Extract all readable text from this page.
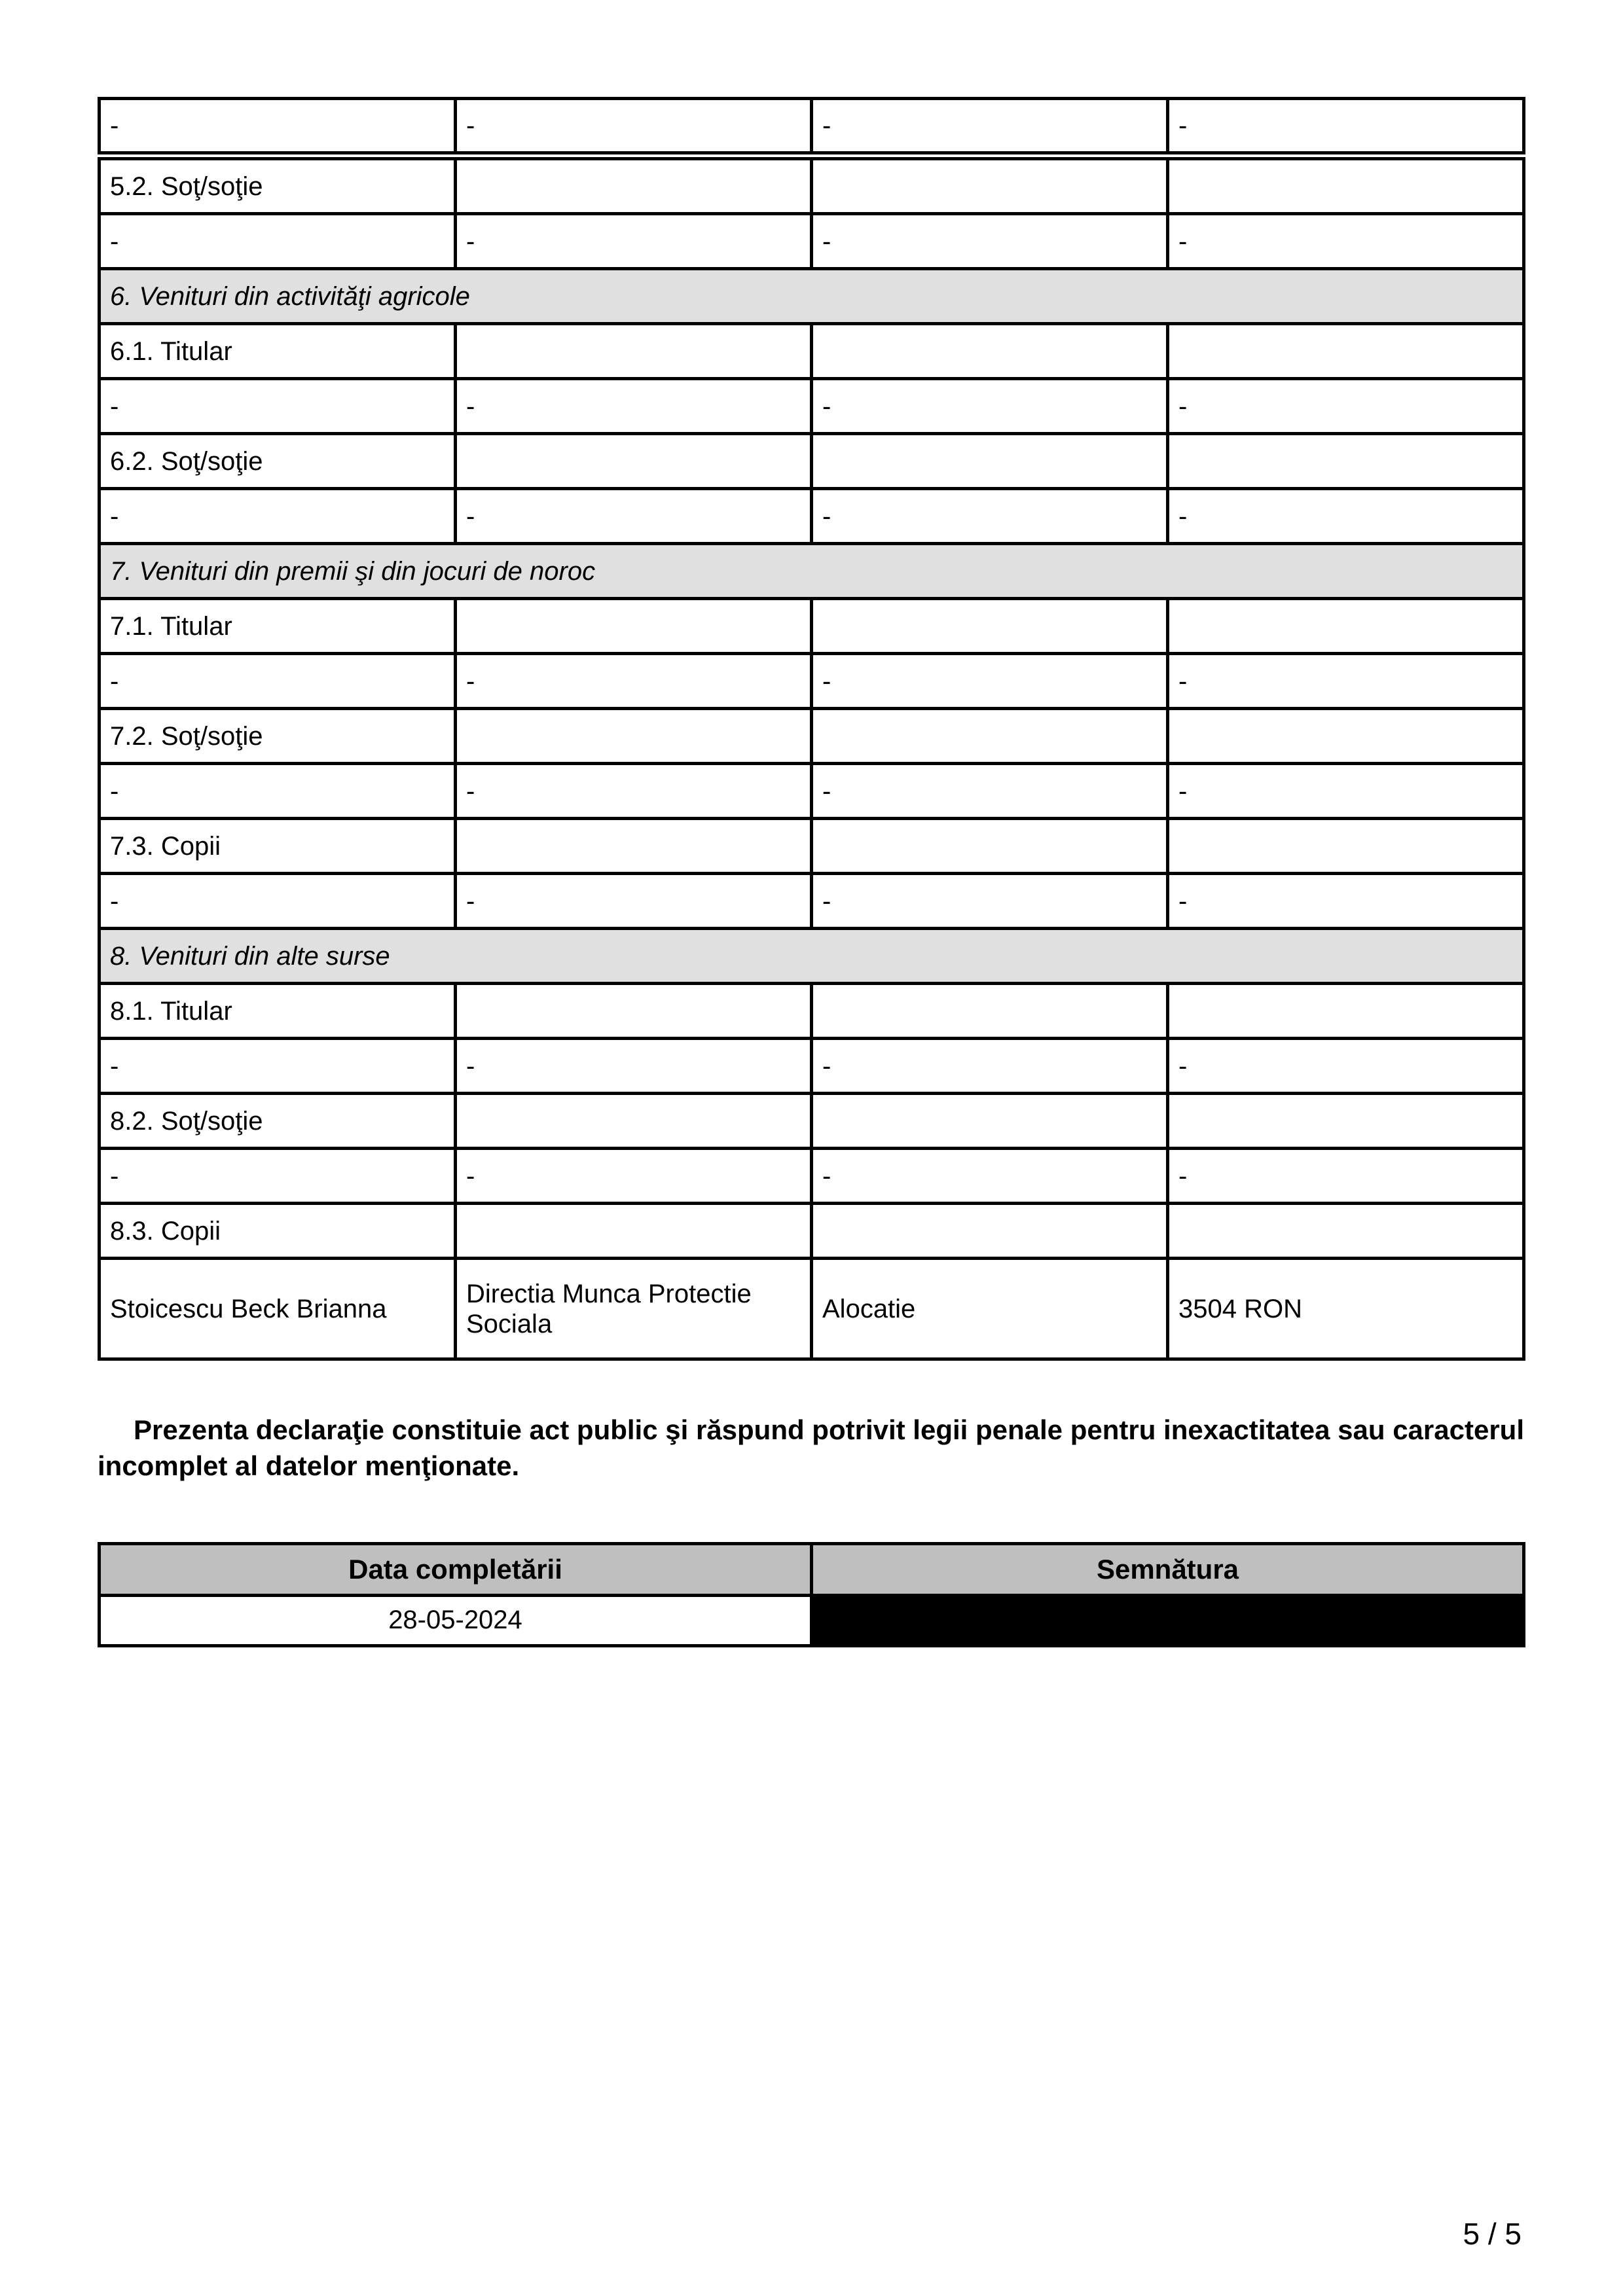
-	-	-	-
5.2. Soţ/soţie			
-	-	-	-
6. Venituri din activităţi agricole			
6.1. Titular			
-	-	-	-
6.2. Soţ/soţie			
-	-	-	-
7. Venituri din premii şi din jocuri de noroc			
7.1. Titular			
-	-	-	-
7.2. Soţ/soţie			
-	-	-	-
7.3. Copii			
-	-	-	-
8. Venituri din alte surse			
8.1. Titular			
-	-	-	-
8.2. Soţ/soţie			
-	-	-	-
8.3. Copii			
Stoicescu Beck Brianna	Directia Munca Protectie Sociala	Alocatie	3504 RON

Prezenta declaraţie constituie act public şi răspund potrivit legii penale pentru inexactitatea sau caracterul incomplet al datelor menţionate.

Data completării	Semnătura
28-05-2024	
5 / 5
